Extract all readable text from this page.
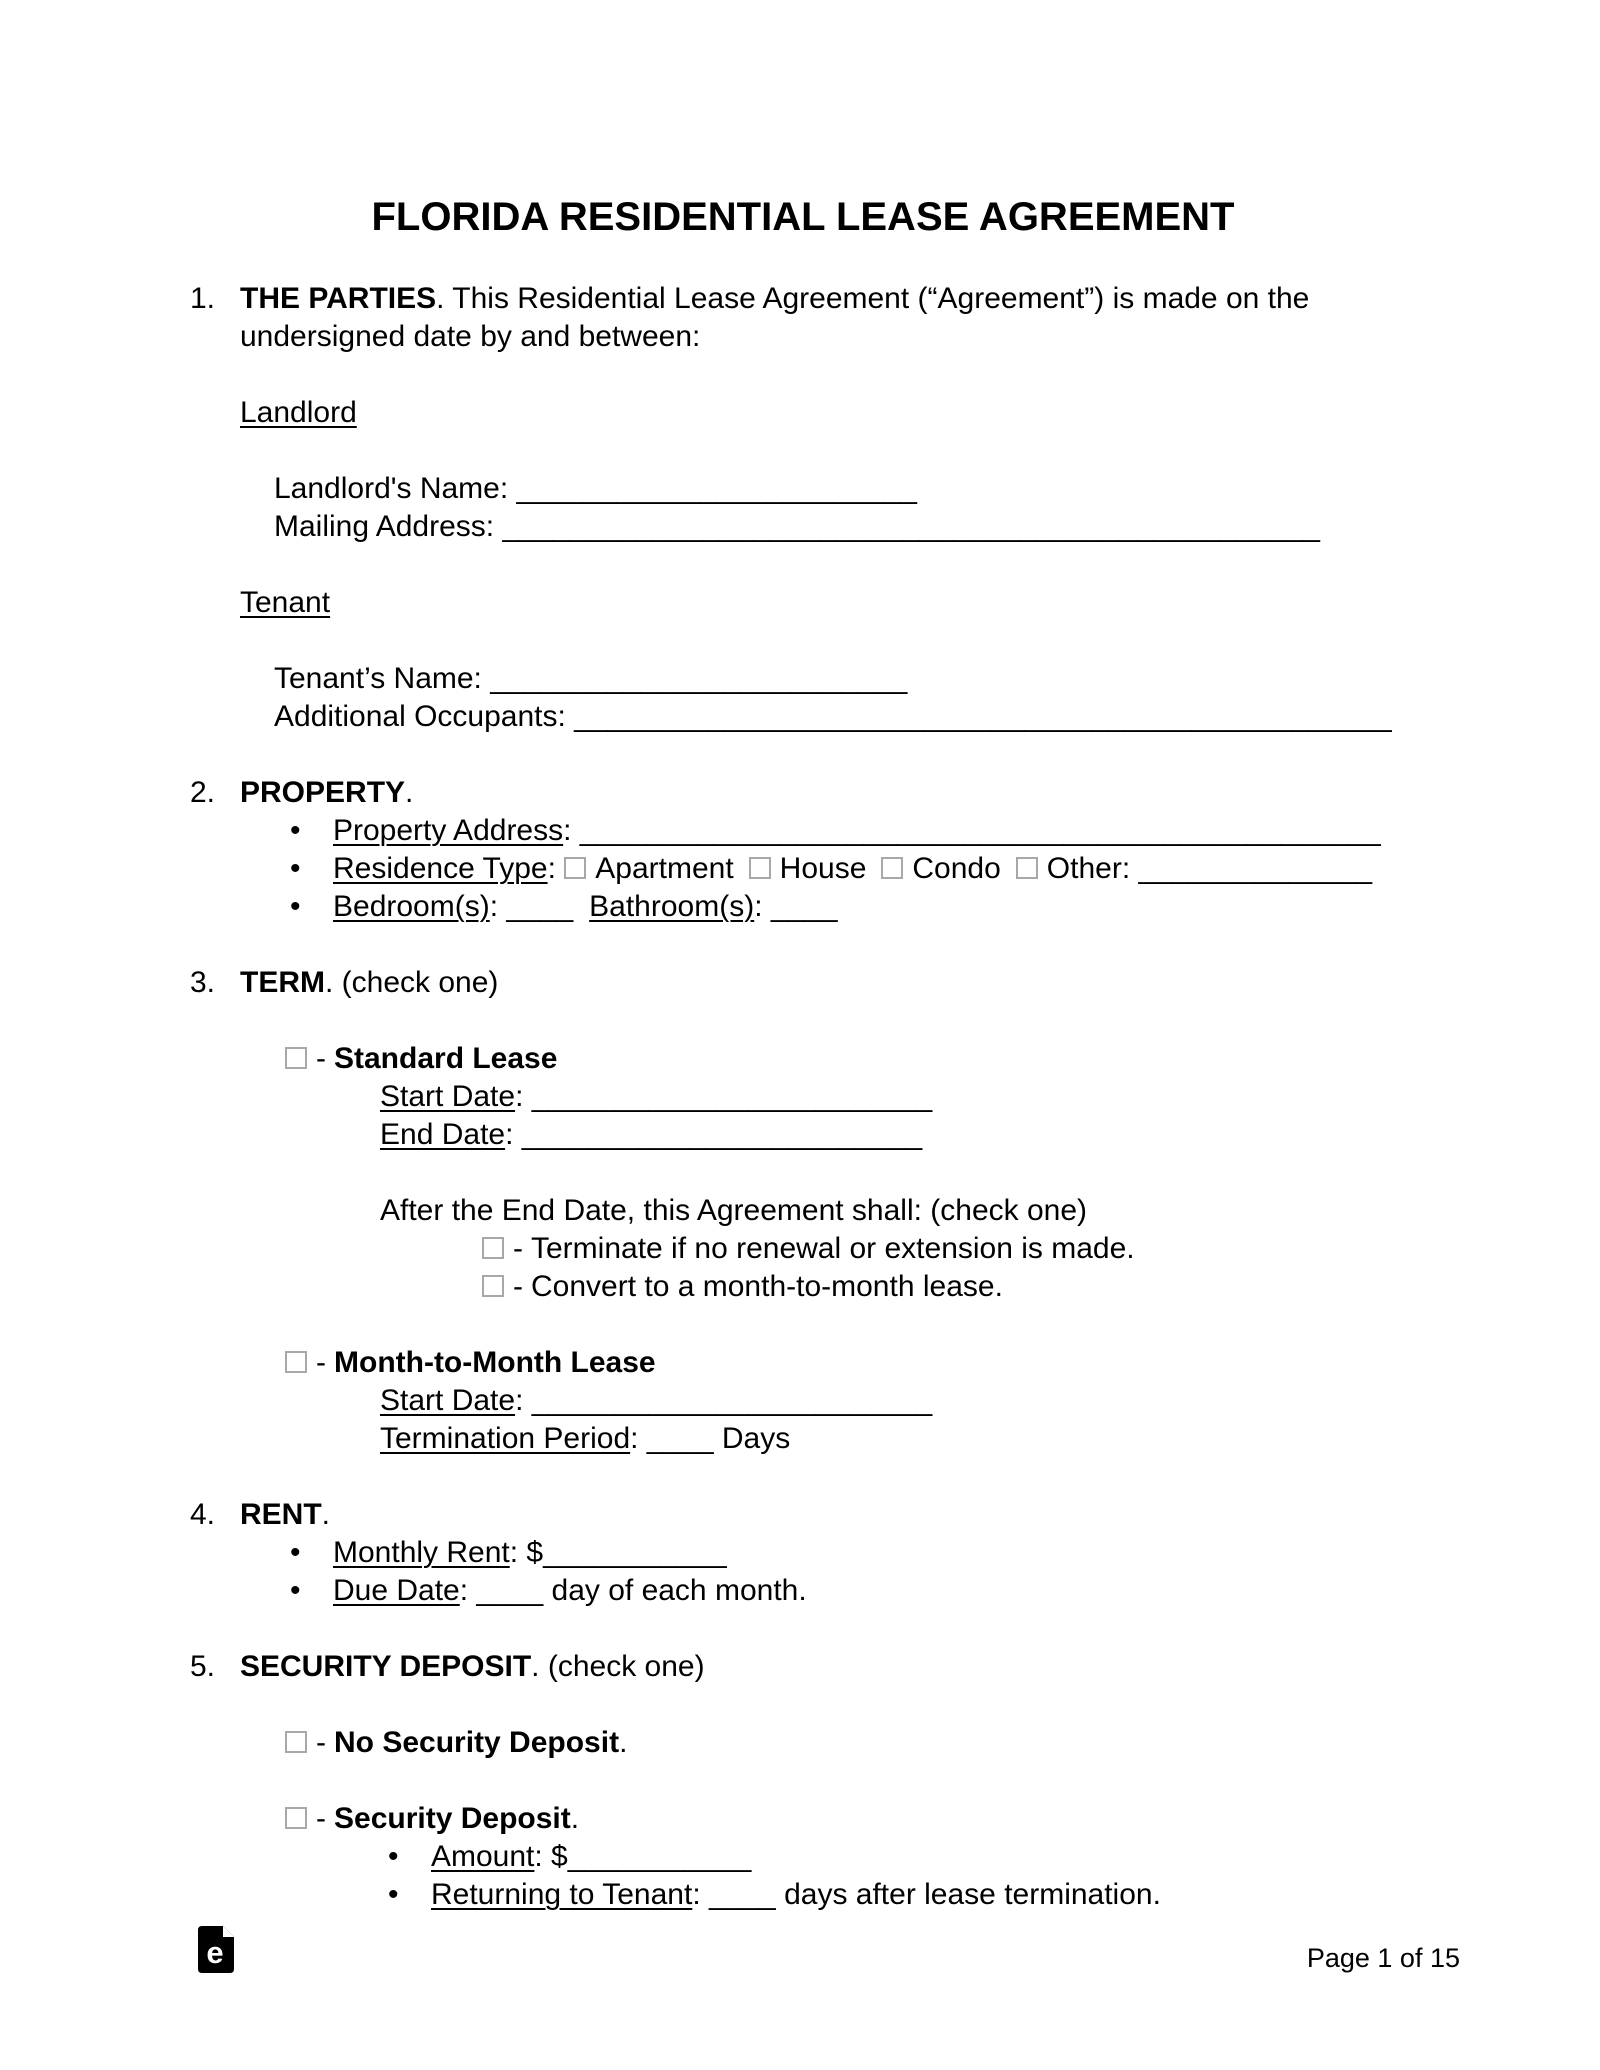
FLORIDA RESIDENTIAL LEASE AGREEMENT
1. THE PARTIES. This Residential Lease Agreement (“Agreement”) is made on the undersigned date by and between:
Landlord
Landlord's Name: ________________________
Mailing Address: _________________________________________________
Tenant
Tenant’s Name: _________________________
Additional Occupants: _________________________________________________
2. PROPERTY.
•	Property Address: ________________________________________________
•	Residence Type: Apartment House Condo Other: ______________
•	Bedroom(s): ____ Bathroom(s): ____
3. TERM. (check one)
- Standard Lease
Start Date: ________________________
End Date: ________________________
After the End Date, this Agreement shall: (check one)
- Terminate if no renewal or extension is made.
- Convert to a month-to-month lease.
- Month-to-Month Lease
Start Date: ________________________
Termination Period: ____ Days
4. RENT.
•	Monthly Rent: $___________
•	Due Date: ____ day of each month.
5. SECURITY DEPOSIT. (check one)
- No Security Deposit.
- Security Deposit.
•	Amount: $___________
•	Returning to Tenant: ____ days after lease termination.
e	Page 1 of 15
